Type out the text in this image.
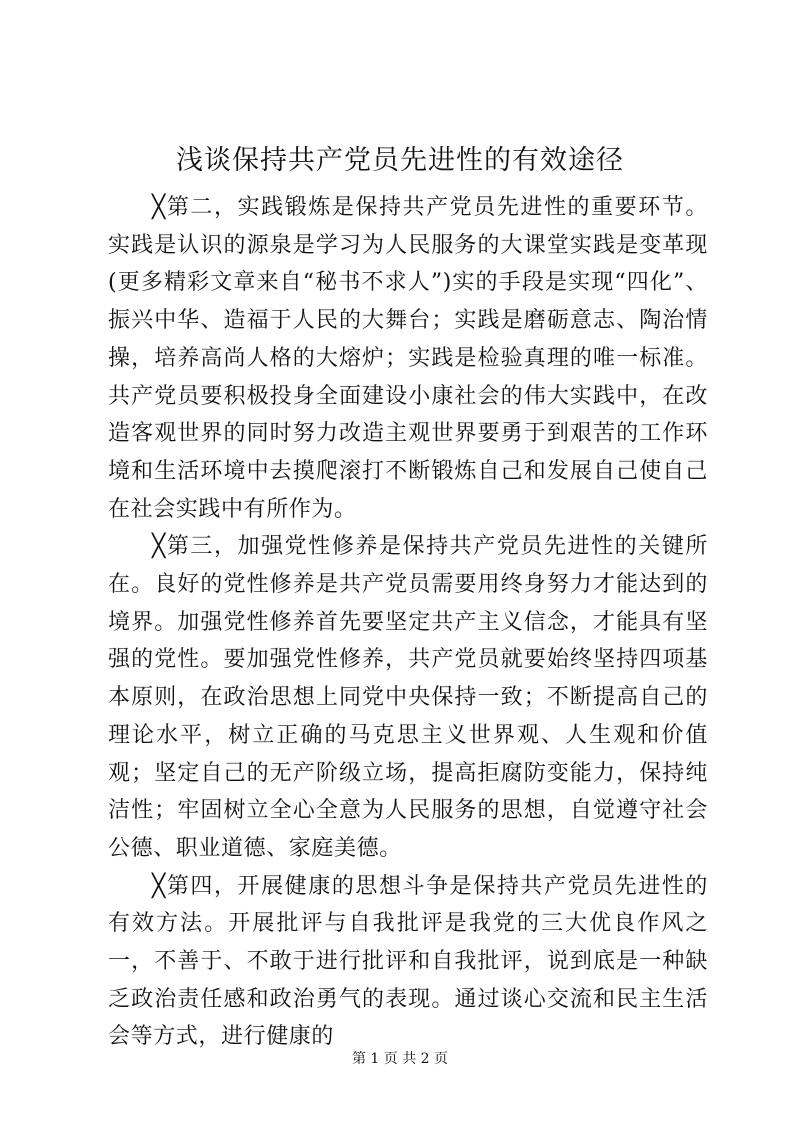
浅谈保持共产党员先进性的有效途径

╳第二，实践锻炼是保持共产党员先进性的重要环节。实践是认识的源泉是学习为人民服务的大课堂实践是变革现(更多精彩文章来自“秘书不求人”)实的手段是实现“四化”、振兴中华、造福于人民的大舞台；实践是磨砺意志、陶治情操，培养高尚人格的大熔炉；实践是检验真理的唯一标准。共产党员要积极投身全面建设小康社会的伟大实践中，在改造客观世界的同时努力改造主观世界要勇于到艰苦的工作环境和生活环境中去摸爬滚打不断锻炼自己和发展自己使自己在社会实践中有所作为。

╳第三，加强党性修养是保持共产党员先进性的关键所在。良好的党性修养是共产党员需要用终身努力才能达到的境界。加强党性修养首先要坚定共产主义信念，才能具有坚强的党性。要加强党性修养，共产党员就要始终坚持四项基本原则，在政治思想上同党中央保持一致；不断提高自己的理论水平，树立正确的马克思主义世界观、人生观和价值观；坚定自己的无产阶级立场，提高拒腐防变能力，保持纯洁性；牢固树立全心全意为人民服务的思想，自觉遵守社会公德、职业道德、家庭美德。

╳第四，开展健康的思想斗争是保持共产党员先进性的有效方法。开展批评与自我批评是我党的三大优良作风之一，不善于、不敢于进行批评和自我批评，说到底是一种缺乏政治责任感和政治勇气的表现。通过谈心交流和民主生活会等方式，进行健康的

第 1 页 共 2 页
